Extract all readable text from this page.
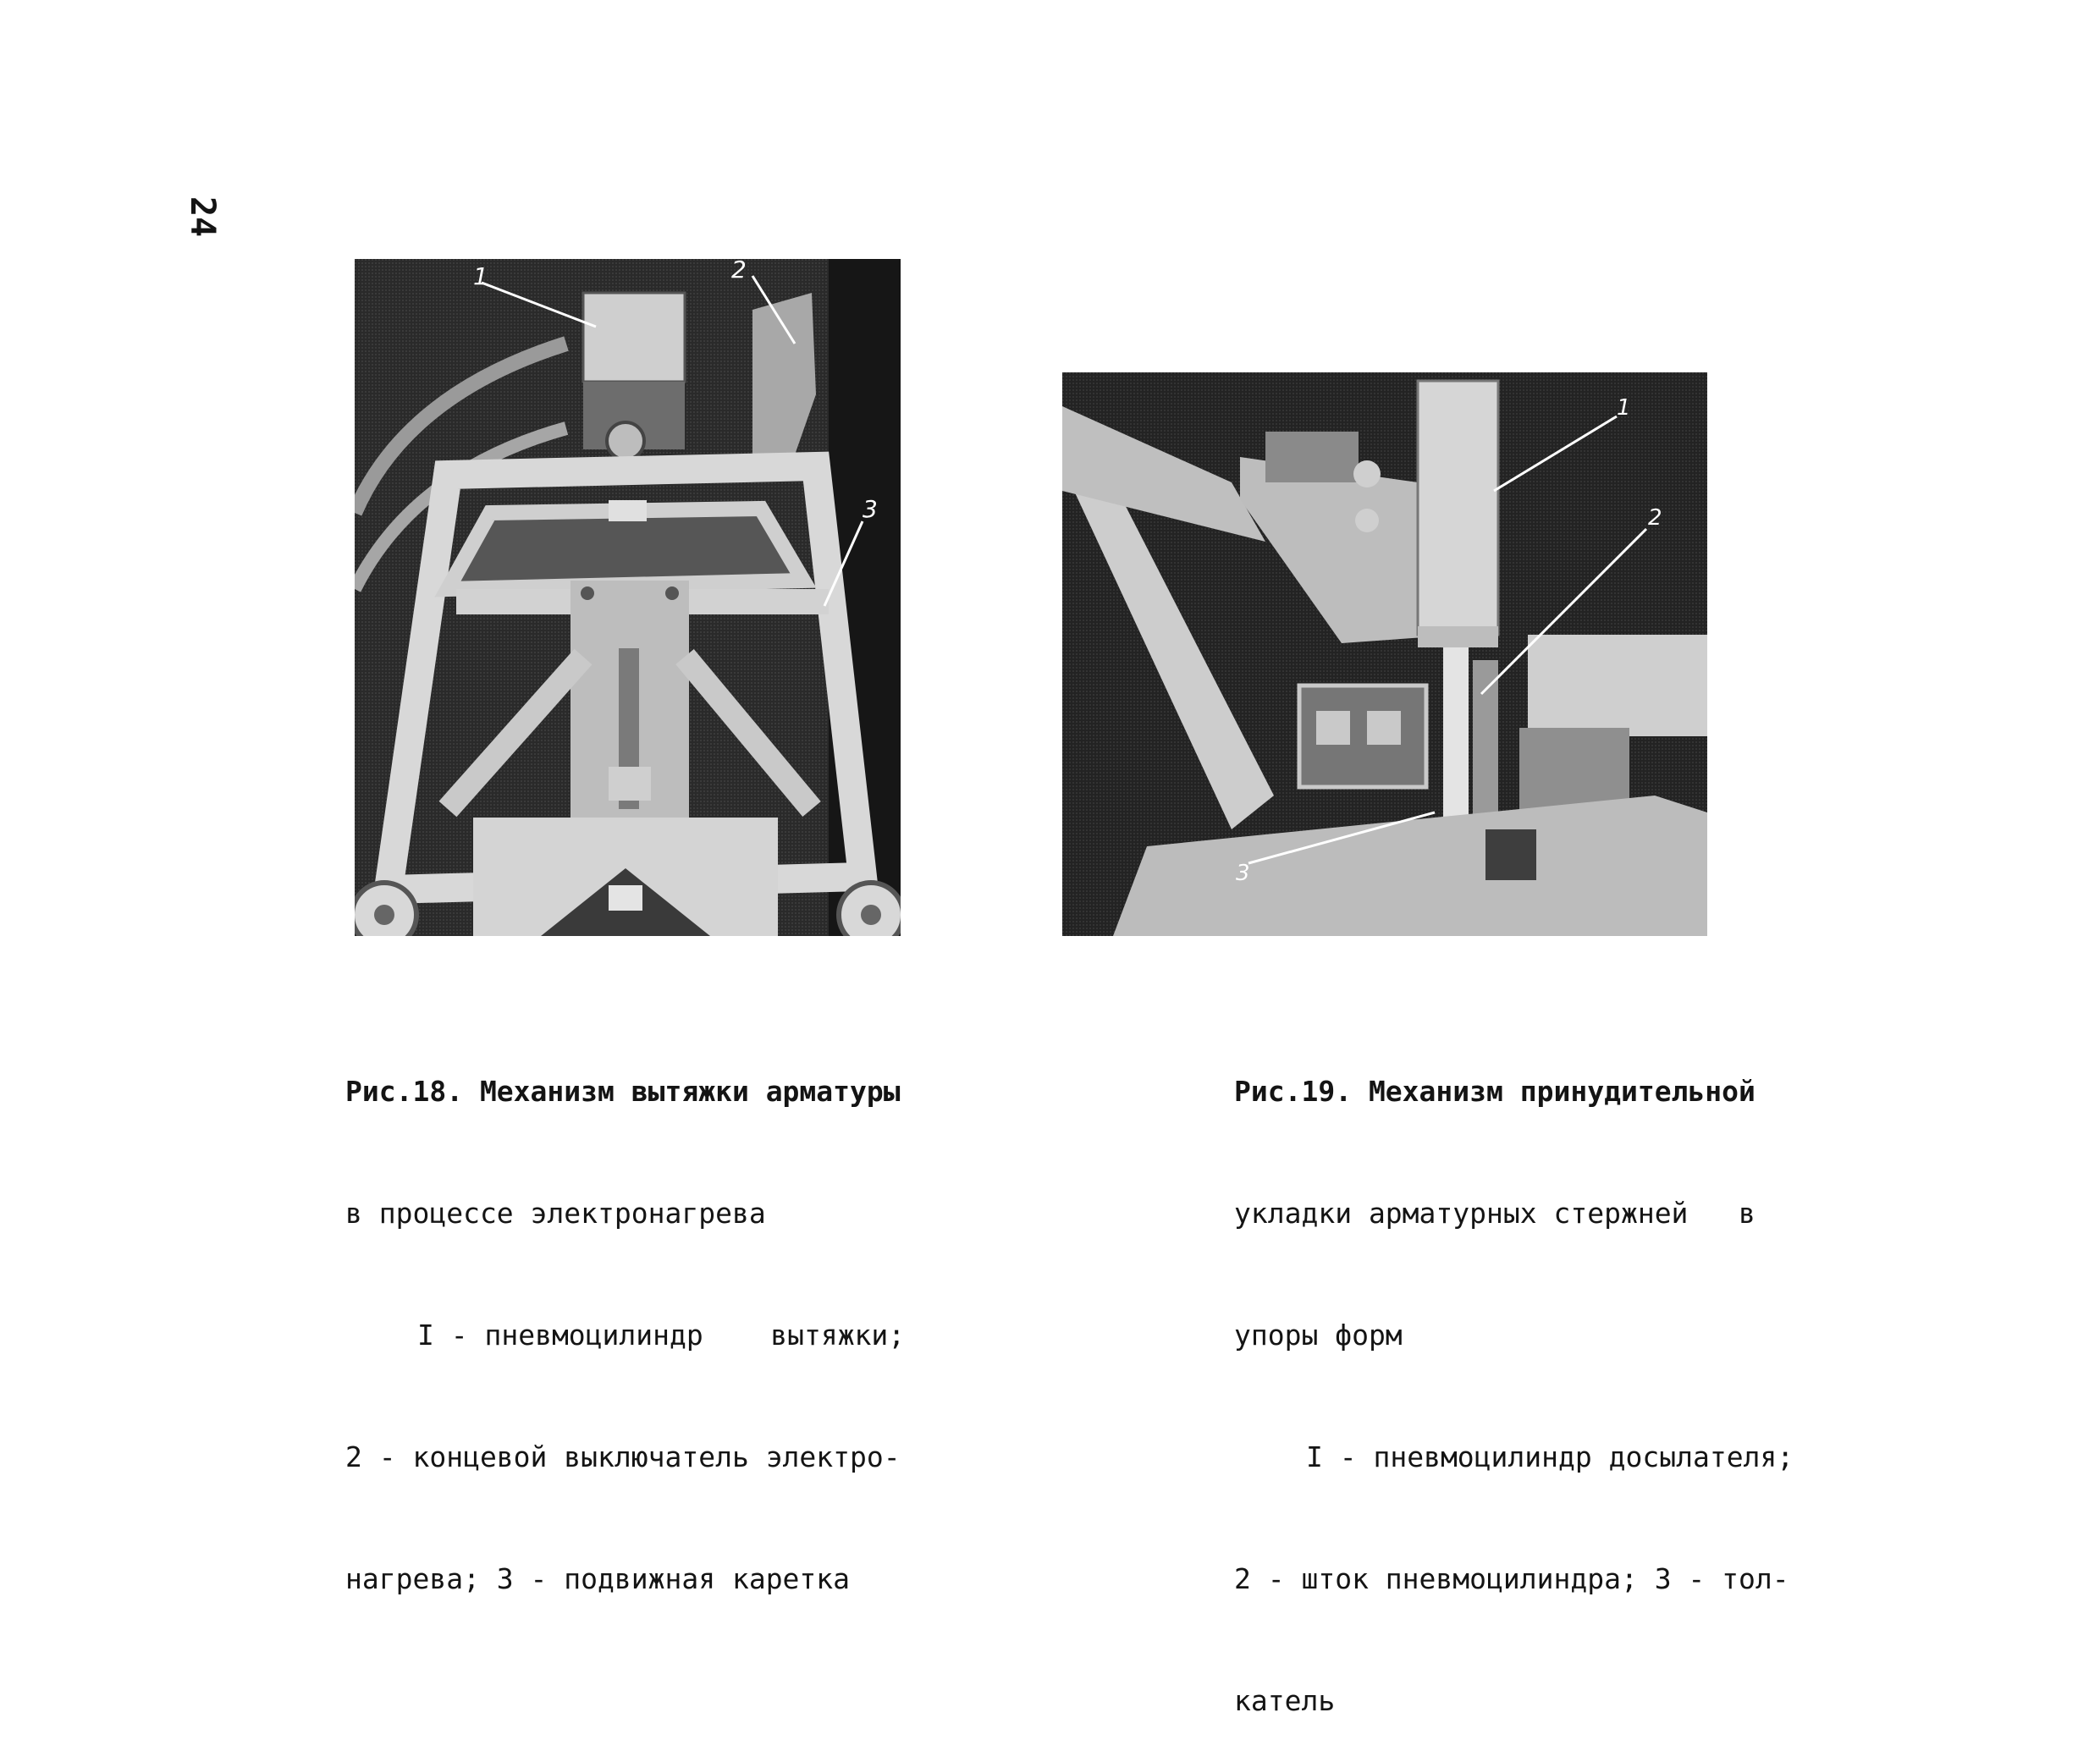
24
1	2
3
1
2
3

Рис.18. Механизм вытяжки арматуры

в процессе электронагрева

I - пневмоцилиндр    вытяжки;

2 - концевой выключатель электро-

нагрева; 3 - подвижная каретка

Рис.19. Механизм принудительной

укладки арматурных стержней   в

упоры форм

I - пневмоцилиндр досылателя;

2 - шток пневмоцилиндра; 3 - тол-

катель
